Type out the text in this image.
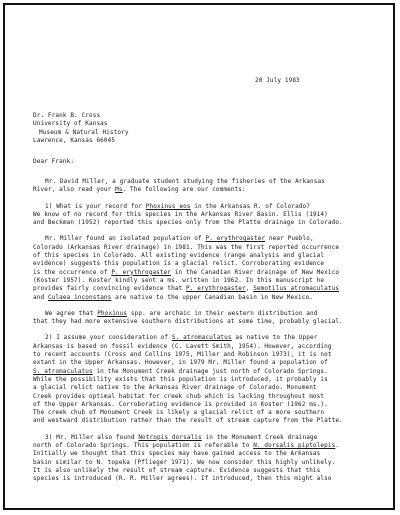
20 July 1983
Dr. Frank B. Cross
University of Kansas
Museum & Natural History
Lawrence, Kansas 66045
Dear Frank:
Mr. David Miller, a graduate student studying the fisheries of the Arkansas
River, also read your Ms. The following are our comments:
1) What is your record for Phoxinus eos in the Arkansas R. of Colorado?
We know of no record for this species in the Arkansas River Basin. Ellis (1914)
and Beckman (1952) reported this species only from the Platte drainage in Colorado.
Mr. Miller found an isolated population of P. erythrogaster near Pueblo,
Colorado (Arkansas River drainage) in 1981. This was the first reported occurrence
of this species in Colorado. All existing evidence (range analysis and glacial
evidence) suggests this population is a glacial relict. Corroborating evidence
is the occurrence of P. erythrogaster in the Canadian River drainage of New Mexico
(Koster 1957). Koster kindly sent a ms. written in 1962. In this manuscript he
provides fairly convincing evidence that P. erythrogaster, Semotilus atromaculatus
and Culaea inconstans are native to the upper Canadian basin in New Mexico.
We agree that Phoxinus spp. are archaic in their western distribution and
that they had more extensive southern distributions at some time, probably glacial.
2) I assume your consideration of S. atromaculatus as native to the Upper
Arkansas is based on fossil evidence (C. Lavett Smith, 1954). However, according
to recent accounts (Cross and Collins 1975, Miller and Robinson 1973), it is not
extant in the Upper Arkansas. However, in 1979 Mr. Miller found a population of
S. atromaculatus in the Monument Creek drainage just north of Colorado Springs.
While the possibility exists that this population is introduced, it probably is
a glacial relict native to the Arkansas River drainage of Colorado. Monument
Creek provides optimal habitat for creek chub which is lacking throughout most
of the Upper Arkansas. Corroborating evidence is provided in Koster (1962 ms.).
The creek chub of Monument Creek is likely a glacial relict of a more southern
and westward distribution rather than the result of stream capture from the Platte.
3) Mr. Miller also found Notropis dorsalis in the Monument Creek drainage
north of Colorado Springs. This population is referable to N. dorsalis piptolepis.
Initially we thought that this species may have gained access to the Arkansas
basin similar to N. topeka (Pflieger 1971). We now consider this highly unlikely.
It is also unlikely the result of stream capture. Evidence suggests that this
species is introduced (R. R. Miller agrees). If introduced, then this might also
